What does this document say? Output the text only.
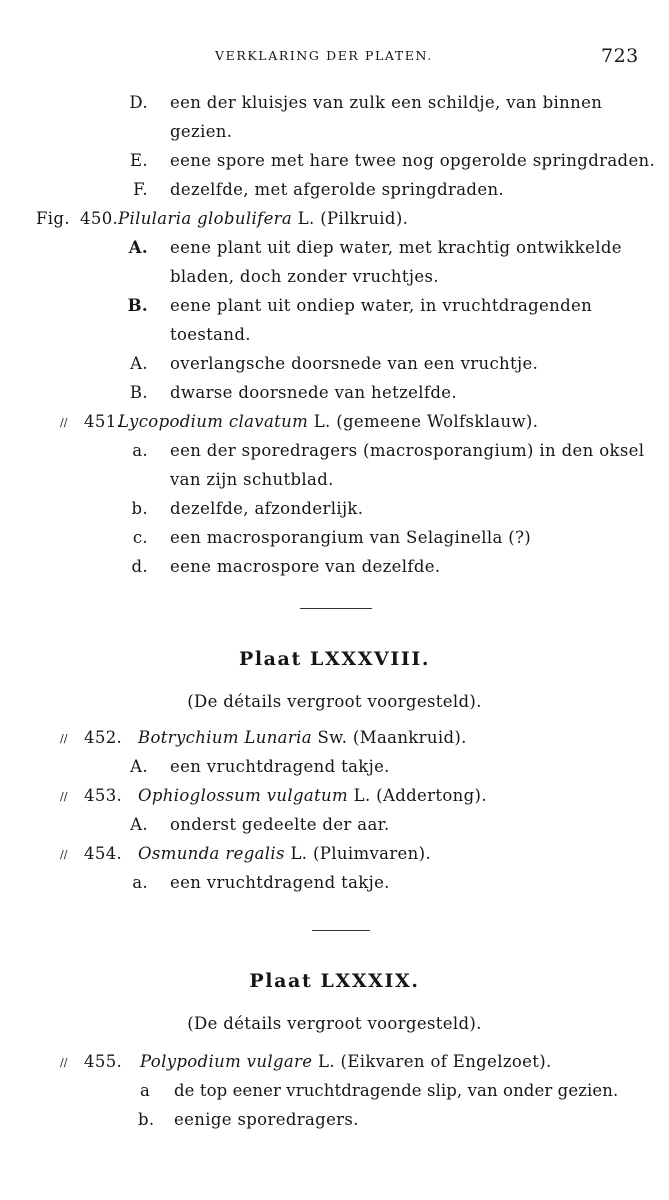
VERKLARING DER PLATEN.	723
D. een der kluisjes van zulk een schildje, van binnen
gezien.
E. eene spore met hare twee nog opgerolde springdraden.
F. dezelfde, met afgerolde springdraden.
Fig. 450. Pilularia globulifera L. (Pilkruid).
A. eene plant uit diep water, met krachtig ontwikkelde
bladen, doch zonder vruchtjes.
B. eene plant uit ondiep water, in vruchtdragenden
toestand.
A. overlangsche doorsnede van een vruchtje.
B. dwarse doorsnede van hetzelfde.
// 451.
Lycopodium clavatum L. (gemeene Wolfsklauw).
a. een der sporedragers (macrosporangium) in den oksel
van zijn schutblad.
b. dezelfde, afzonderlijk.
c. een macrosporangium van Selaginella (?)
d. eene macrospore van dezelfde.
Plaat LXXXVIII.
(De détails vergroot voorgesteld).
// 452. Botrychium Lunaria Sw. (Maankruid).
A. een vruchtdragend takje.
// 453. Ophioglossum vulgatum L. (Addertong).
A. onderst gedeelte der aar.
// 454. Osmunda regalis L. (Pluimvaren).
a. een vruchtdragend takje.
Plaat LXXXIX.
(De détails vergroot voorgesteld).
// 455. Polypodium vulgare L. (Eikvaren of Engelzoet).
a de top eener vruchtdragende slip, van onder gezien.
b. eenige sporedragers.
